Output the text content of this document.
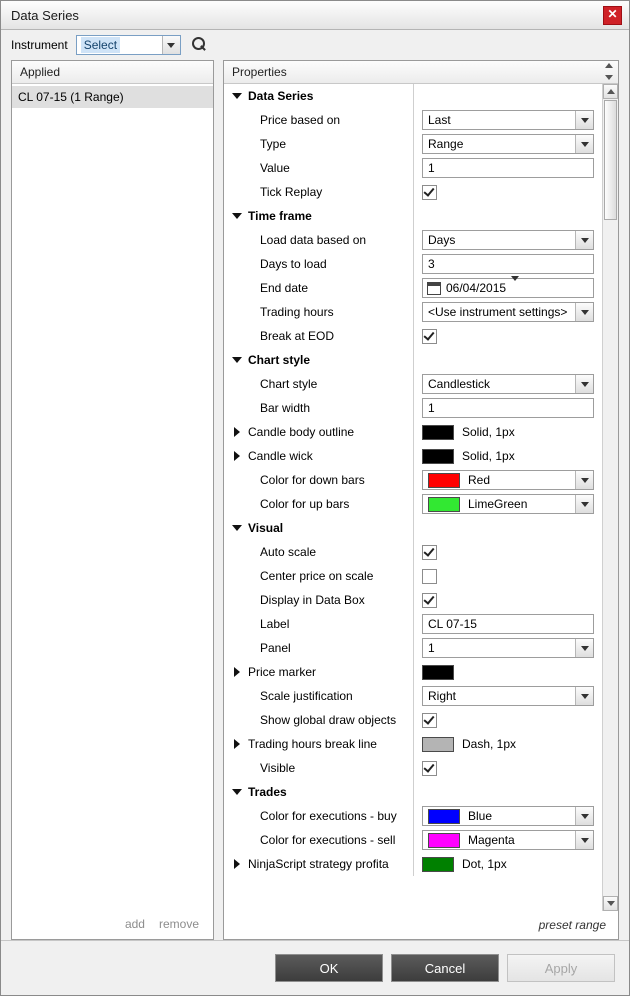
Data Series	✕
Instrument Select
Applied
CL 07-15 (1 Range)
add remove
Properties
Data Series
Price based on	Last
Type	Range
Value	1
Tick Replay
Time frame
Load data based on	Days
Days to load	3
End date	06/04/2015
Trading hours	<Use instrument settings>
Break at EOD
Chart style
Chart style	Candlestick
Bar width	1
Candle body outline	Solid, 1px
Candle wick	Solid, 1px
Color for down bars	Red
Color for up bars	LimeGreen
Visual
Auto scale
Center price on scale
Display in Data Box
Label	CL 07-15
Panel	1
Price marker
Scale justification	Right
Show global draw objects
Trading hours break line	Dash, 1px
Visible
Trades
Color for executions - buy	Blue
Color for executions - sell	Magenta
NinjaScript strategy profita	Dot, 1px
preset range
OK	Cancel	Apply
